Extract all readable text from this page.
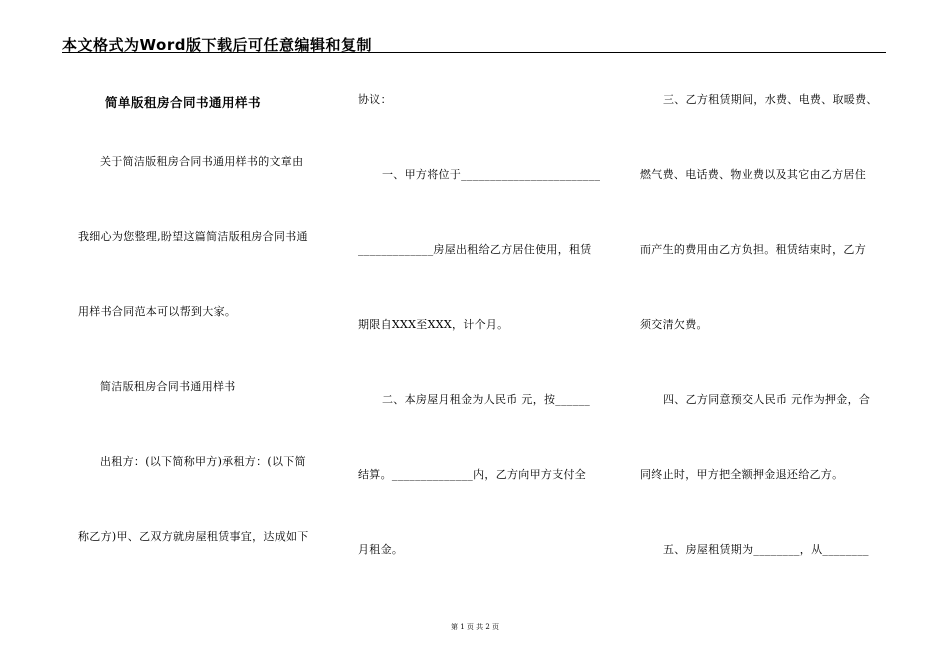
本文格式为Word版下载后可任意编辑和复制
简单版租房合同书通用样书
关于简洁版租房合同书通用样书的文章由
我细心为您整理,盼望这篇简洁版租房合同书通
用样书合同范本可以帮到大家。
简洁版租房合同书通用样书
出租方：(以下简称甲方)承租方：(以下简
称乙方)甲、乙双方就房屋租赁事宜，达成如下
协议：
一、甲方将位于________________________
_____________房屋出租给乙方居住使用，租赁
期限自XXX至XXX，计个月。
二、本房屋月租金为人民币 元，按______
结算。______________内，乙方向甲方支付全
月租金。
三、乙方租赁期间，水费、电费、取暖费、
燃气费、电话费、物业费以及其它由乙方居住
而产生的费用由乙方负担。租赁结束时，乙方
须交清欠费。
四、乙方同意预交人民币 元作为押金，合
同终止时，甲方把全额押金退还给乙方。
五、房屋租赁期为________，从________
第 1 页 共 2 页
